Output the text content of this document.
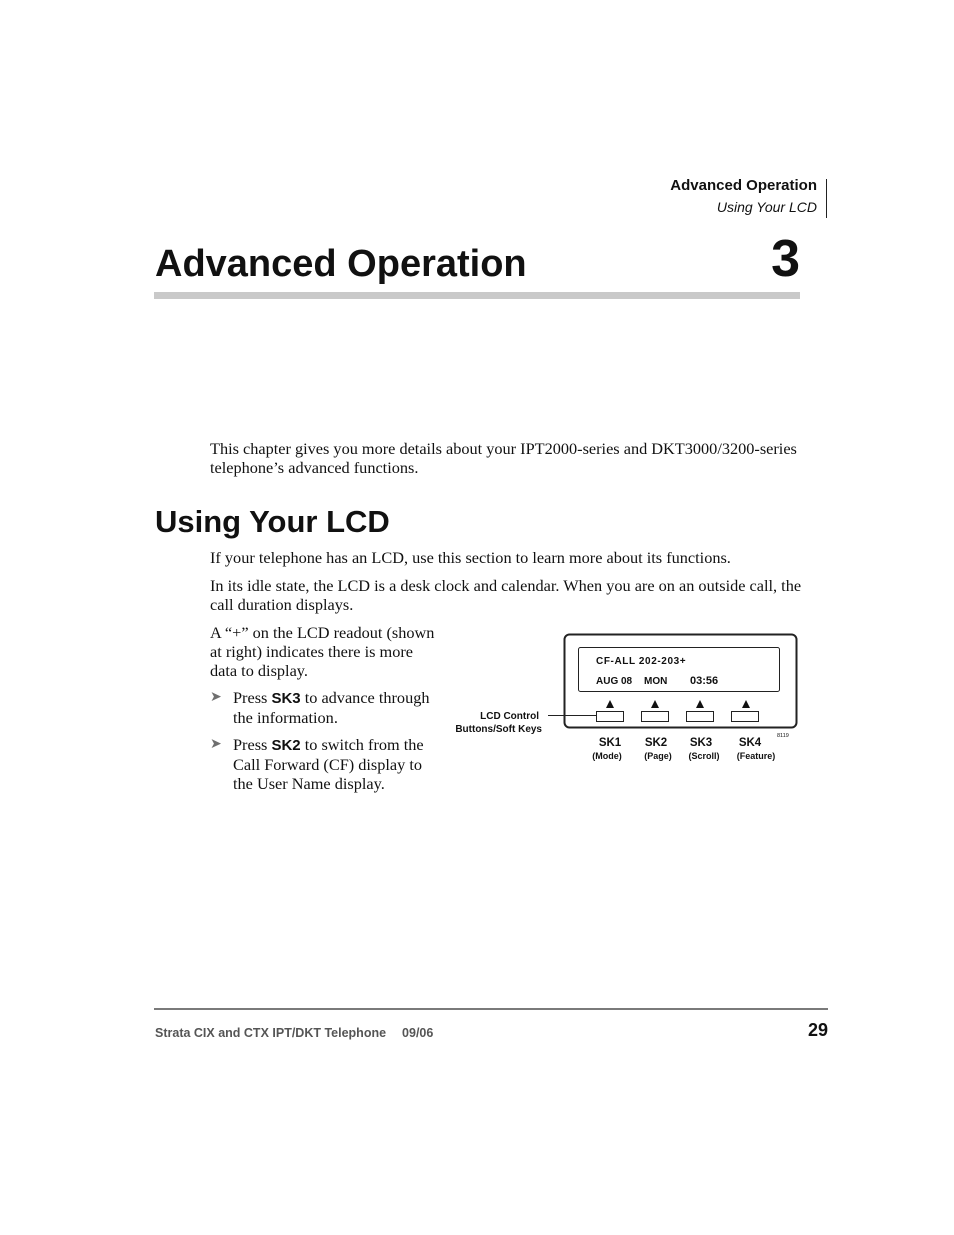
Advanced Operation
Using Your LCD
Advanced Operation	3

This chapter gives you more details about your IPT2000-series and DKT3000/3200-series telephone’s advanced functions.

Using Your LCD

If your telephone has an LCD, use this section to learn more about its functions.

In its idle state, the LCD is a desk clock and calendar. When you are on an outside call, the call duration displays.

A “+” on the LCD readout (shown at right) indicates there is more data to display.

➤ Press SK3 to advance through the information.
➤ Press SK2 to switch from the Call Forward (CF) display to the User Name display.
CF-ALL 202-203+
AUG 08 MON 03:56
LCD Control
Buttons/Soft Keys
SK1
(Mode)
SK2
(Page)
SK3
(Scroll)
SK4
(Feature)
8119
Strata CIX and CTX IPT/DKT Telephone 09/06	29
